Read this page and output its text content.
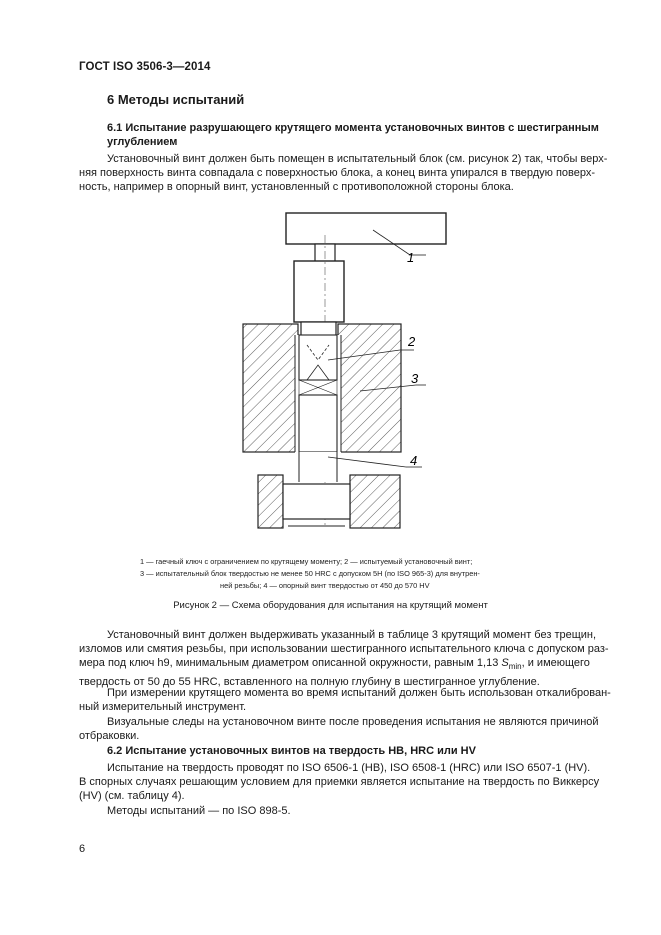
ГОСТ ISO 3506-3—2014
6 Методы испытаний
6.1 Испытание разрушающего крутящего момента установочных винтов с шестигранным
углублением
Установочный винт должен быть помещен в испытательный блок (см. рисунок 2) так, чтобы верх-
няя поверхность винта совпадала с поверхностью блока, а конец винта упирался в твердую поверх-
ность, например в опорный винт, установленный с противоположной стороны блока.
1
2
3
4
1 — гаечный ключ с ограничением по крутящему моменту; 2 — испытуемый установочный винт;
3 — испытательный блок твердостью не менее 50 HRC с допуском 5H (по ISO 965-3) для внутрен-
ней резьбы; 4 — опорный винт твердостью от 450 до 570 HV
Рисунок 2 — Схема оборудования для испытания на крутящий момент
Установочный винт должен выдерживать указанный в таблице 3 крутящий момент без трещин,
изломов или смятия резьбы, при использовании шестигранного испытательного ключа с допуском раз-
мера под ключ h9, минимальным диаметром описанной окружности, равным 1,13 $S_{min}$, и имеющего
твердость от 50 до 55 HRC, вставленного на полную глубину в шестигранное углубление.
При измерении крутящего момента во время испытаний должен быть использован откалиброван-
ный измерительный инструмент.
Визуальные следы на установочном винте после проведения испытания не являются причиной
отбраковки.
6.2 Испытание установочных винтов на твердость HB, HRC или HV
Испытание на твердость проводят по ISO 6506-1 (HB), ISO 6508-1 (HRC) или ISO 6507-1 (HV).
В спорных случаях решающим условием для приемки является испытание на твердость по Виккерсу
(HV) (см. таблицу 4).
Методы испытаний — по ISO 898-5.
6
